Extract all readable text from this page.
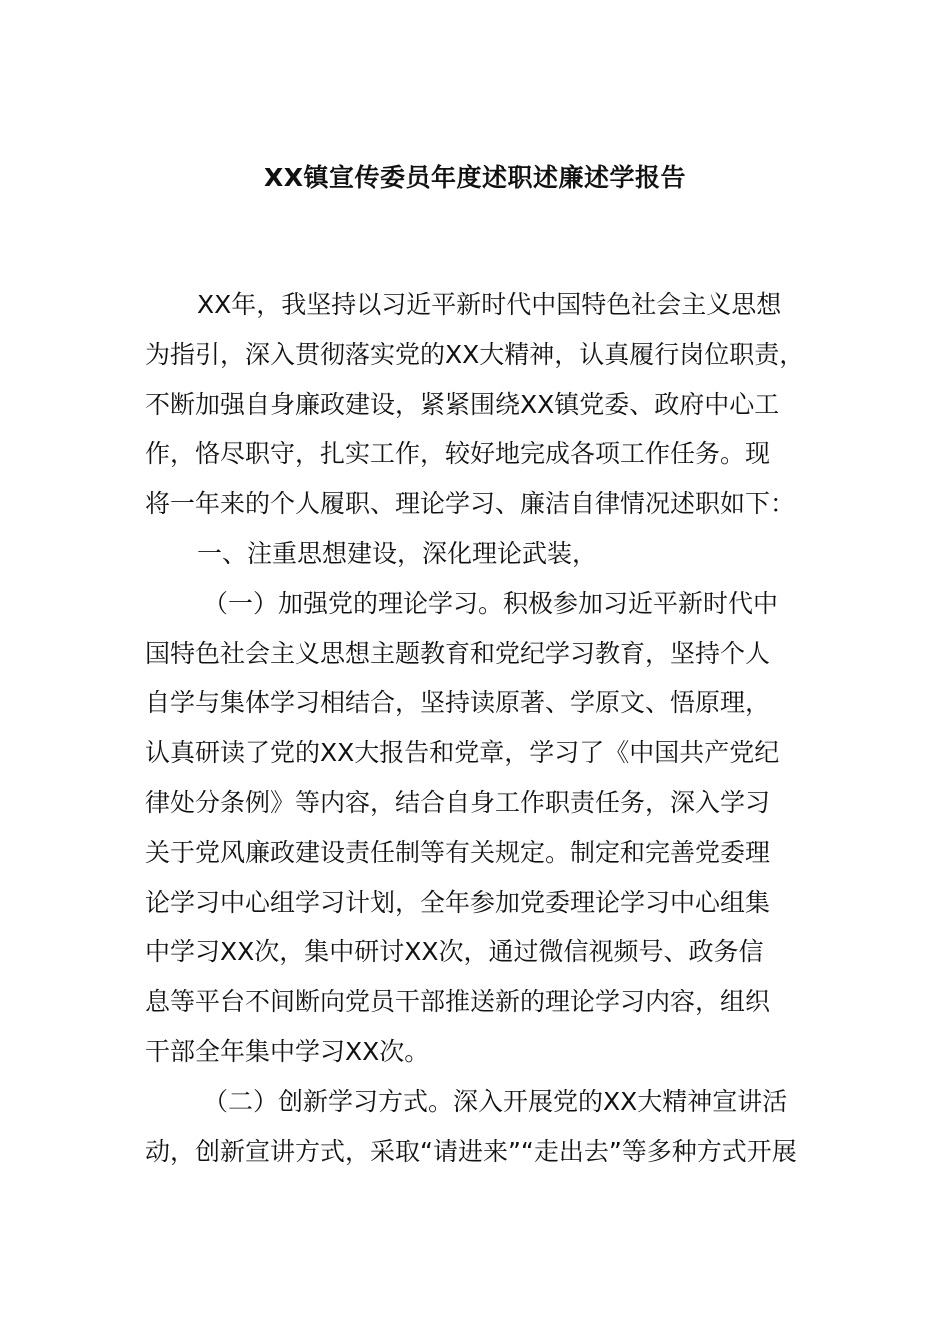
XX镇宣传委员年度述职述廉述学报告
XX年，我坚持以习近平新时代中国特色社会主义思想
为指引，深入贯彻落实党的XX大精神，认真履行岗位职责，
不断加强自身廉政建设，紧紧围绕XX镇党委、政府中心工
作，恪尽职守，扎实工作，较好地完成各项工作任务。现
将一年来的个人履职、理论学习、廉洁自律情况述职如下：
一、注重思想建设，深化理论武装，
（一）加强党的理论学习。积极参加习近平新时代中
国特色社会主义思想主题教育和党纪学习教育，坚持个人
自学与集体学习相结合，坚持读原著、学原文、悟原理，
认真研读了党的XX大报告和党章，学习了《中国共产党纪
律处分条例》等内容，结合自身工作职责任务，深入学习
关于党风廉政建设责任制等有关规定。制定和完善党委理
论学习中心组学习计划，全年参加党委理论学习中心组集
中学习XX次，集中研讨XX次，通过微信视频号、政务信
息等平台不间断向党员干部推送新的理论学习内容，组织
干部全年集中学习XX次。
（二）创新学习方式。深入开展党的XX大精神宣讲活
动，创新宣讲方式，采取“请进来”“走出去”等多种方式开展
